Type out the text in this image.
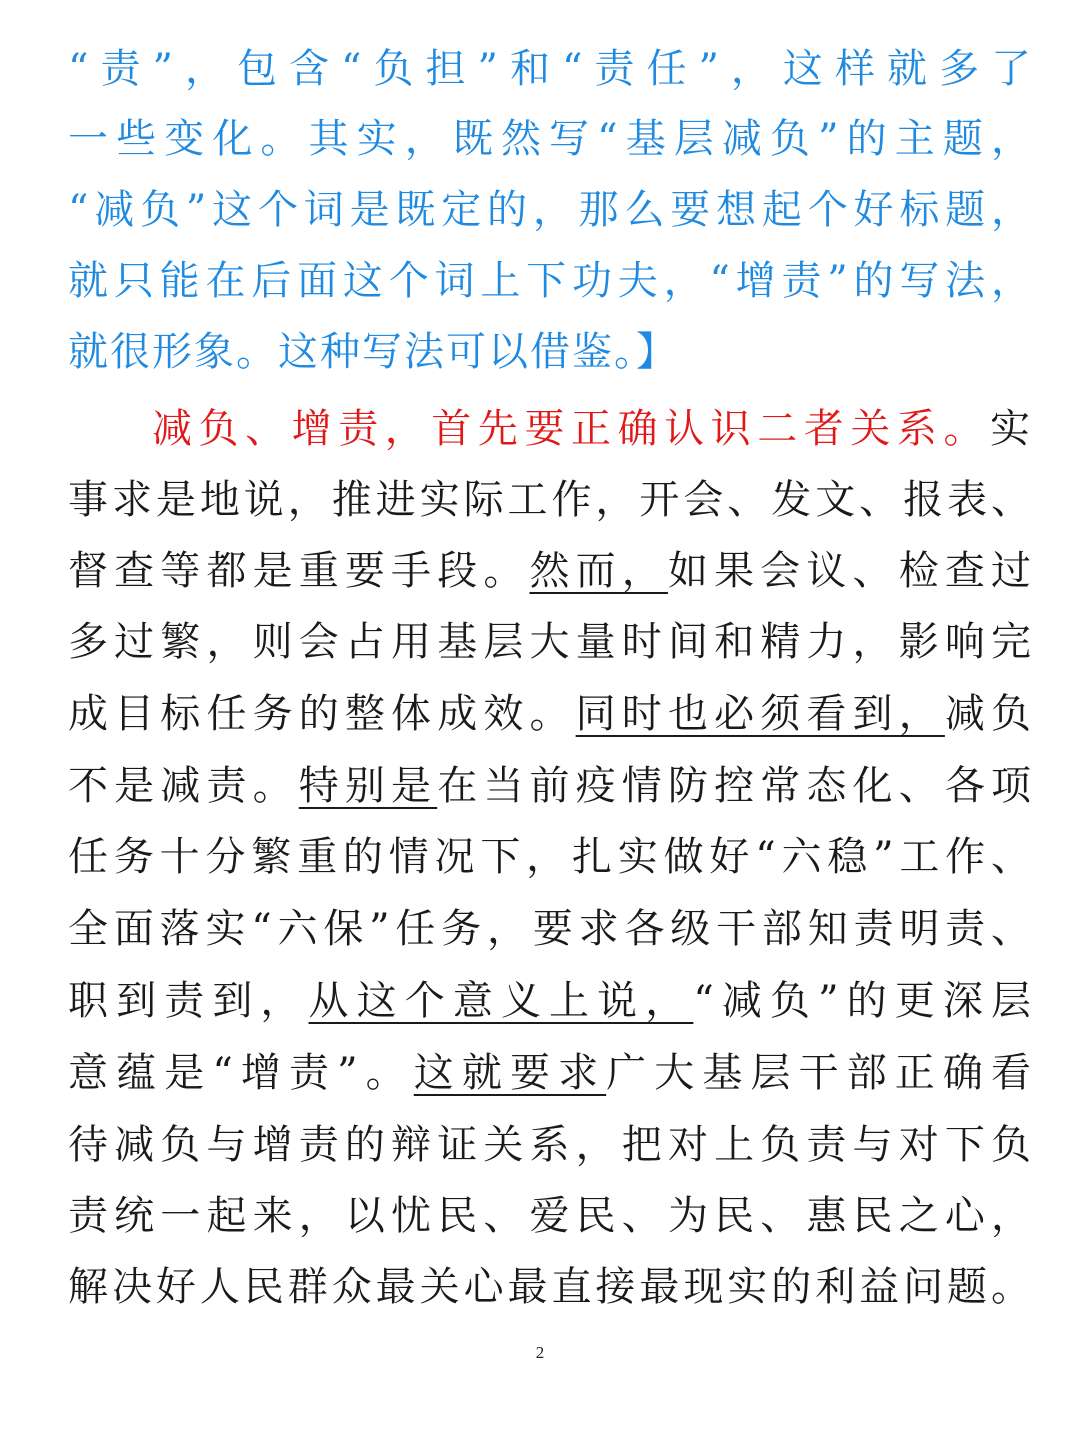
“责”，包含“负担”和“责任”，这样就多了
一些变化。其实，既然写“基层减负”的主题，
“减负”这个词是既定的，那么要想起个好标题，
就只能在后面这个词上下功夫，“增责”的写法，
就很形象。这种写法可以借鉴。】
减负、增责，首先要正确认识二者关系。实
事求是地说，推进实际工作，开会、发文、报表、
督查等都是重要手段。然而，如果会议、检查过
多过繁，则会占用基层大量时间和精力，影响完
成目标任务的整体成效。同时也必须看到，减负
不是减责。特别是在当前疫情防控常态化、各项
任务十分繁重的情况下，扎实做好“六稳”工作、
全面落实“六保”任务，要求各级干部知责明责、
职到责到，从这个意义上说，“减负”的更深层
意蕴是“增责”。这就要求广大基层干部正确看
待减负与增责的辩证关系，把对上负责与对下负
责统一起来，以忧民、爱民、为民、惠民之心，
解决好人民群众最关心最直接最现实的利益问题。
2
